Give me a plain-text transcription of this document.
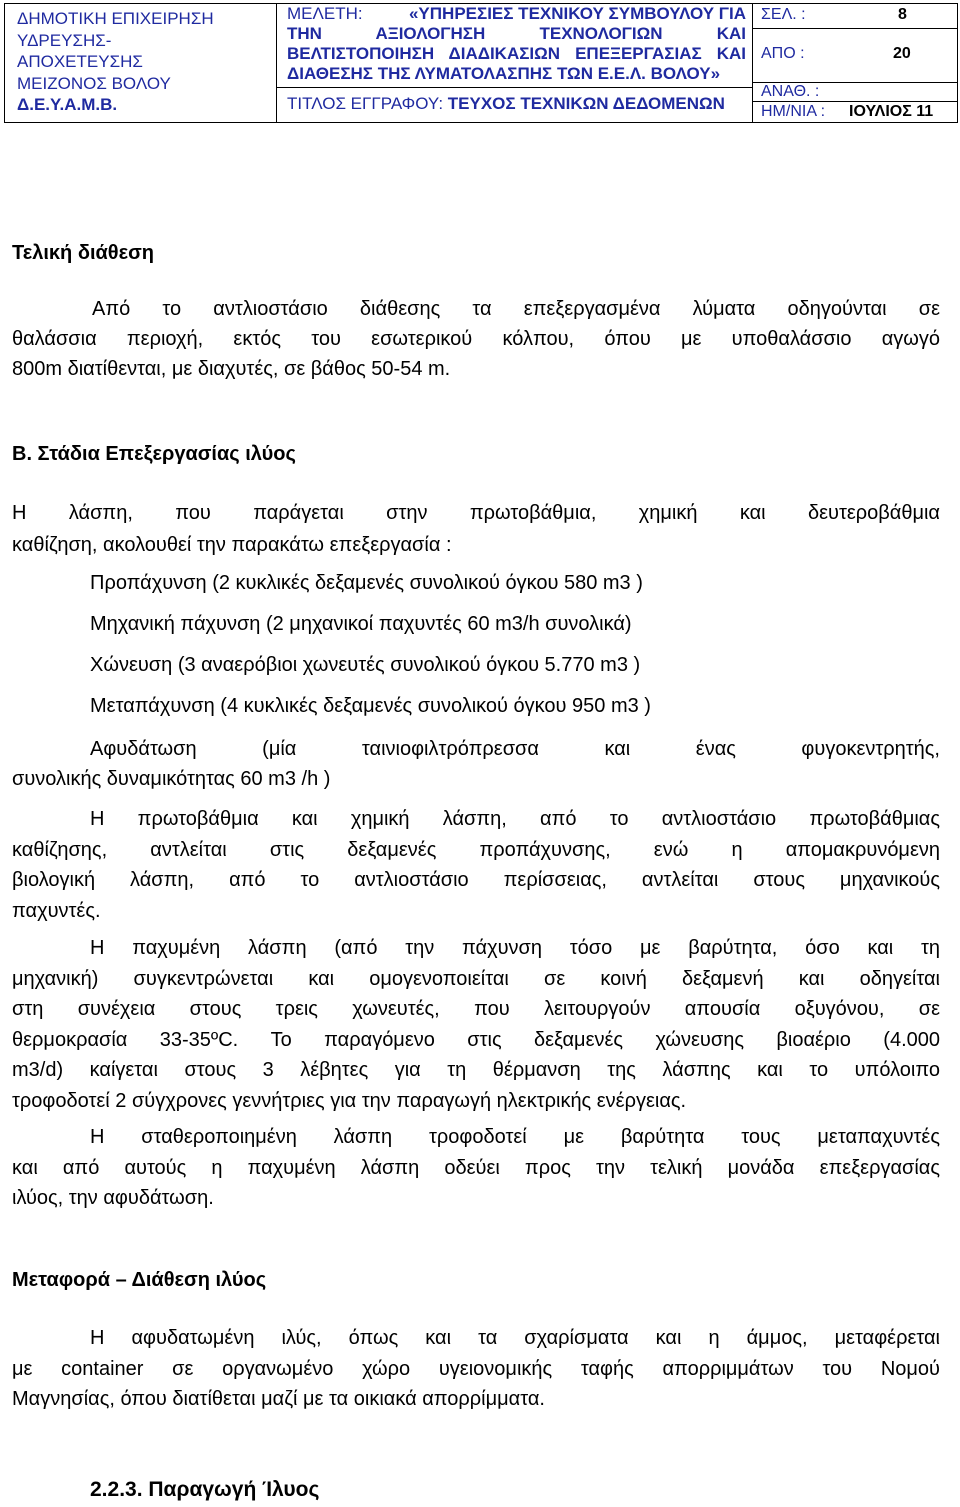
ΔΗΜΟΤΙΚΗ ΕΠΙΧΕΙΡΗΣΗ
ΥΔΡΕΥΣΗΣ-
ΑΠΟΧΕΤΕΥΣΗΣ
ΜΕΙΖΟΝΟΣ ΒΟΛΟΥ
Δ.Ε.Υ.Α.Μ.Β.
ΜΕΛΕΤΗ:	«ΥΠΗΡΕΣΙΕΣ ΤΕΧΝΙΚΟΥ ΣΥΜΒΟΥΛΟΥ ΓΙΑ
ΤΗΝ ΑΞΙΟΛΟΓΗΣΗ ΤΕΧΝΟΛΟΓΙΩΝ ΚΑΙ
ΒΕΛΤΙΣΤΟΠΟΙΗΣΗ ΔΙΑΔΙΚΑΣΙΩΝ ΕΠΕΞΕΡΓΑΣΙΑΣ ΚΑΙ
ΔΙΑΘΕΣΗΣ ΤΗΣ ΛΥΜΑΤΟΛΑΣΠΗΣ ΤΩΝ Ε.Ε.Λ. ΒΟΛΟΥ»
ΤΙΤΛΟΣ ΕΓΓΡΑΦΟΥ: ΤΕΥΧΟΣ ΤΕΧΝΙΚΩΝ ΔΕΔΟΜΕΝΩΝ
ΣΕΛ. :	8
ΑΠΟ :	20
ΑΝΑΘ. :
ΗΜ/ΝΙΑ : ΙΟΥΛΙΟΣ 11
Τελική διάθεση
Από το αντλιοστάσιο διάθεσης τα επεξεργασμένα λύματα οδηγούνται σε
θαλάσσια περιοχή, εκτός του εσωτερικού κόλπου, όπου με υποθαλάσσιο αγωγό
800m διατίθενται, με διαχυτές, σε βάθος 50-54 m.
Β. Στάδια Επεξεργασίας ιλύος
Η λάσπη, που παράγεται στην πρωτοβάθμια, χημική και δευτεροβάθμια
καθίζηση, ακολουθεί την παρακάτω επεξεργασία :
Προπάχυνση (2 κυκλικές δεξαμενές συνολικού όγκου 580 m3 )
Μηχανική πάχυνση (2 μηχανικοί παχυντές 60 m3/h συνολικά)
Χώνευση (3 αναερόβιοι χωνευτές συνολικού όγκου 5.770 m3 )
Μεταπάχυνση (4 κυκλικές δεξαμενές συνολικού όγκου 950 m3 )
Αφυδάτωση (μία ταινιοφιλτρόπρεσσα και ένας φυγοκεντρητής,
συνολικής δυναμικότητας 60 m3 /h )
Η πρωτοβάθμια και χημική λάσπη, από το αντλιοστάσιο πρωτοβάθμιας
καθίζησης, αντλείται στις δεξαμενές προπάχυνσης, ενώ η απομακρυνόμενη
βιολογική λάσπη, από το αντλιοστάσιο περίσσειας, αντλείται στους μηχανικούς
παχυντές.
Η παχυμένη λάσπη (από την πάχυνση τόσο με βαρύτητα, όσο και τη
μηχανική) συγκεντρώνεται και ομογενοποιείται σε κοινή δεξαμενή και οδηγείται
στη συνέχεια στους τρεις χωνευτές, που λειτουργούν απουσία οξυγόνου, σε
θερμοκρασία 33-35ºC. Το παραγόμενο στις δεξαμενές χώνευσης βιοαέριο (4.000
m3/d) καίγεται στους 3 λέβητες για τη θέρμανση της λάσπης και το υπόλοιπο
τροφοδοτεί 2 σύγχρονες γεννήτριες για την παραγωγή ηλεκτρικής ενέργειας.
Η σταθεροποιημένη λάσπη τροφοδοτεί με βαρύτητα τους μεταπαχυντές
και από αυτούς η παχυμένη λάσπη οδεύει προς την τελική μονάδα επεξεργασίας
ιλύος, την αφυδάτωση.
Μεταφορά – Διάθεση ιλύος
Η αφυδατωμένη ιλύς, όπως και τα σχαρίσματα και η άμμος, μεταφέρεται
με container σε οργανωμένο χώρο υγειονομικής ταφής απορριμμάτων του Νομού
Μαγνησίας, όπου διατίθεται μαζί με τα οικιακά απορρίμματα.
2.2.3. Παραγωγή Ίλυος
